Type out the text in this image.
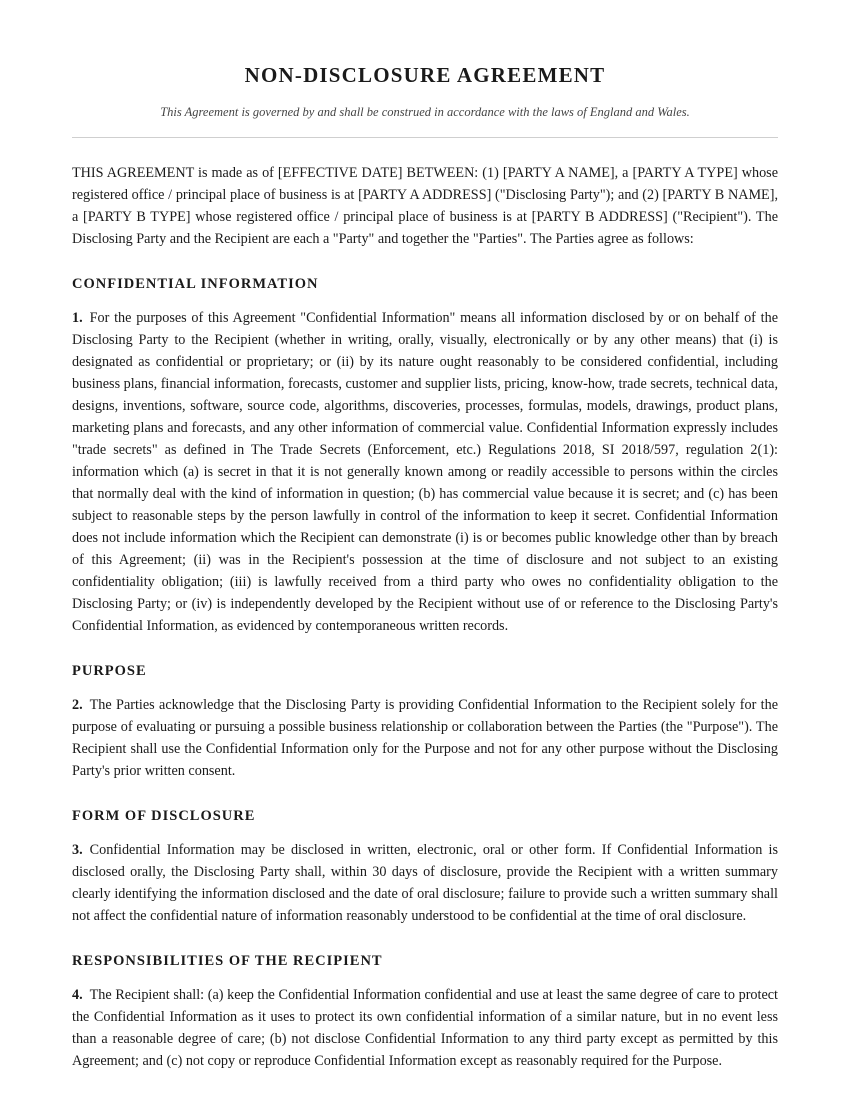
NON-DISCLOSURE AGREEMENT

This Agreement is governed by and shall be construed in accordance with the laws of England and Wales.

THIS AGREEMENT is made as of [EFFECTIVE DATE] BETWEEN: (1) [PARTY A NAME], a [PARTY A TYPE] whose registered office / principal place of business is at [PARTY A ADDRESS] ("Disclosing Party"); and (2) [PARTY B NAME], a [PARTY B TYPE] whose registered office / principal place of business is at [PARTY B ADDRESS] ("Recipient"). The Disclosing Party and the Recipient are each a "Party" and together the "Parties". The Parties agree as follows:

CONFIDENTIAL INFORMATION

1. For the purposes of this Agreement "Confidential Information" means all information disclosed by or on behalf of the Disclosing Party to the Recipient (whether in writing, orally, visually, electronically or by any other means) that (i) is designated as confidential or proprietary; or (ii) by its nature ought reasonably to be considered confidential, including business plans, financial information, forecasts, customer and supplier lists, pricing, know-how, trade secrets, technical data, designs, inventions, software, source code, algorithms, discoveries, processes, formulas, models, drawings, product plans, marketing plans and forecasts, and any other information of commercial value. Confidential Information expressly includes "trade secrets" as defined in The Trade Secrets (Enforcement, etc.) Regulations 2018, SI 2018/597, regulation 2(1): information which (a) is secret in that it is not generally known among or readily accessible to persons within the circles that normally deal with the kind of information in question; (b) has commercial value because it is secret; and (c) has been subject to reasonable steps by the person lawfully in control of the information to keep it secret. Confidential Information does not include information which the Recipient can demonstrate (i) is or becomes public knowledge other than by breach of this Agreement; (ii) was in the Recipient's possession at the time of disclosure and not subject to an existing confidentiality obligation; (iii) is lawfully received from a third party who owes no confidentiality obligation to the Disclosing Party; or (iv) is independently developed by the Recipient without use of or reference to the Disclosing Party's Confidential Information, as evidenced by contemporaneous written records.

PURPOSE

2. The Parties acknowledge that the Disclosing Party is providing Confidential Information to the Recipient solely for the purpose of evaluating or pursuing a possible business relationship or collaboration between the Parties (the "Purpose"). The Recipient shall use the Confidential Information only for the Purpose and not for any other purpose without the Disclosing Party's prior written consent.

FORM OF DISCLOSURE

3. Confidential Information may be disclosed in written, electronic, oral or other form. If Confidential Information is disclosed orally, the Disclosing Party shall, within 30 days of disclosure, provide the Recipient with a written summary clearly identifying the information disclosed and the date of oral disclosure; failure to provide such a written summary shall not affect the confidential nature of information reasonably understood to be confidential at the time of oral disclosure.

RESPONSIBILITIES OF THE RECIPIENT

4. The Recipient shall: (a) keep the Confidential Information confidential and use at least the same degree of care to protect the Confidential Information as it uses to protect its own confidential information of a similar nature, but in no event less than a reasonable degree of care; (b) not disclose Confidential Information to any third party except as permitted by this Agreement; and (c) not copy or reproduce Confidential Information except as reasonably required for the Purpose.
